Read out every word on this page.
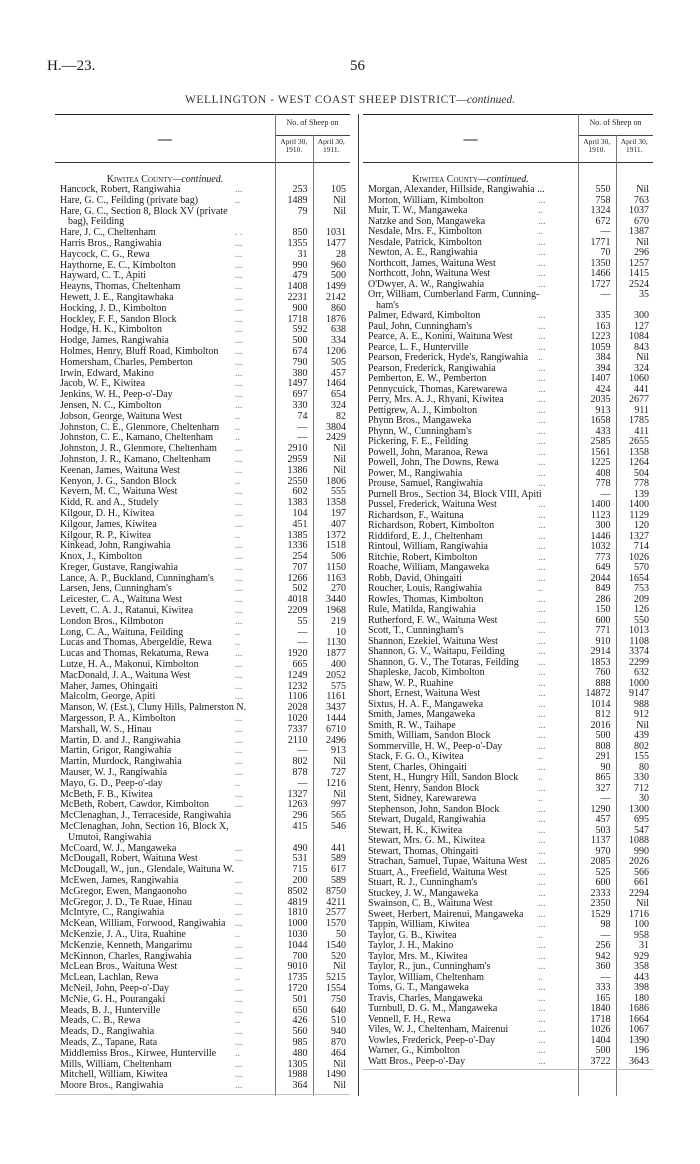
H.—23.	56
WELLINGTON - WEST COAST SHEEP DISTRICT—continued.
—
No. of Sheep on
April 30, 1910.
April 30, 1911.
Kiwitea County—continued.
Hancock, Robert, Rangiwahia	...	253	105
Hare, G. C., Feilding (private bag)	..	1489	Nil
Hare, G. C., Section 8, Block XV (private	79	Nil
bag), Feilding
Hare, J. C., Cheltenham	. .	850	1031
Harris Bros., Rangiwahia	...	1355	1477
Haycock, C. G., Rewa	...	31	28
Haythorne, E. C., Kimbolton	...	990	960
Hayward, C. T., Apiti	...	479	500
Heayns, Thomas, Cheltenham	...	1408	1499
Hewett, J. E., Rangitawhaka	...	2231	2142
Hocking, J. D., Kimbolton	...	900	860
Hockley, F. F., Sandon Block	...	1718	1876
Hodge, H. K., Kimbolton	...	592	638
Hodge, James, Rangiwahia	...	500	334
Holmes, Henry, Bluff Road, Kimbolton ...	674	1206
Homersham, Charles, Pemberton	...	790	505
Irwin, Edward, Makino	...	380	457
Jacob, W. F., Kiwitea	...	1497	1464
Jenkins, W. H., Peep-o'-Day	...	697	654
Jensen, N. C., Kimbolton	...	330	324
Jobson, George, Waituna West	..	74	82
Johnston, C. E., Glenmore, Cheltenham ..	—	3804
Johnston, C. E., Kamano, Cheltenham ..	—	2429
Johnston, J. R., Glenmore, Cheltenham ...	2910	Nil
Johnston, J. R., Kamano, Cheltenham ...	2959	Nil
Keenan, James, Waituna West	...	1386	Nil
Kenyon, J. G., Sandon Block	..	2550	1806
Kevern, M. C., Waituna West	...	602	555
Kidd, R. and A., Studely	...	1383	1358
Kilgour, D. H., Kiwitea	...	104	197
Kilgour, James, Kiwitea	...	451	407
Kilgour, R. P., Kiwitea	..	1385	1372
Kinkead, John, Rangiwahia	...	1336	1518
Knox, J., Kimbolton	...	254	506
Kreger, Gustave, Rangiwahia	...	707	1150
Lance, A. P., Buckland, Cunningham's ...	1266	1163
Larsen, Jens, Cunningham's	...	502	270
Leicester, C. A., Waituna West	...	4018	3440
Levett, C. A. J., Ratanui, Kiwitea	...	2209	1968
London Bros., Kilmboton	...	55	219
Long, C. A., Waituna, Feilding	..	—	10
Lucas and Thomas, Abergeldie, Rewa ..	—	1130
Lucas and Thomas, Rekatuma, Rewa	...	1920	1877
Lutze, H. A., Makonui, Kimbolton	...	665	400
MacDonald, J. A., Waituna West	...	1249	2052
Maher, James, Ohingaiti	...	1232	575
Malcolm, George, Apiti	...	1106	1161
Manson, W. (Est.), Cluny Hills, Palmerston N.	2028	3437
Margesson, P. A., Kimbolton	...	1020	1444
Marshall, W. S., Hinau	...	7337	6710
Martin, D. and J., Rangiwahia	...	2110	2496
Martin, Grigor, Rangiwahia	...	—	913
Martin, Murdock, Rangiwahia	...	802	Nil
Mauser, W. J., Rangiwahia	...	878	727
Mayo, G. D., Peep-o'-day	..	—	1216
McBeth, F. B., Kiwitea	...	1327	Nil
McBeth, Robert, Cawdor, Kimbolton	...	1263	997
McClenaghan, J., Terraceside, Rangiwahia	296	565
McClenaghan, John, Section 16, Block X,	415	546
Umutoi, Rangiwahia
McCoard, W. J., Mangaweka	...	490	441
McDougall, Robert, Waituna West	...	531	589
McDougall, W., jun., Glendale, Waituna W.	715	617
McEwen, James, Rangiwahia	...	200	589
McGregor, Ewen, Mangaonoho	...	8502	8750
McGregor, J. D., Te Ruae, Hinau	...	4819	4211
McIntyre, C., Rangiwahia	...	1810	2577
McKean, William, Forwood, Rangiwahia ...	1000	1570
McKenzie, J. A., Uira, Ruahine	..	1030	50
McKenzie, Kenneth, Mangarimu	...	1044	1540
McKinnon, Charles, Rangiwahia	...	700	520
McLean Bros., Waituna West	...	9010	Nil
McLean, Lachlan, Rewa	..	1735	5215
McNeil, John, Peep-o'-Day	...	1720	1554
McNie, G. H., Pourangaki	...	501	750
Meads, B. J., Hunterville	...	650	640
Meads, C. B., Rewa	..	426	510
Meads, D., Rangiwahia	...	560	940
Meads, Z., Tapane, Rata	...	985	870
Middlemiss Bros., Kirwee, Hunterville ..	480	464
Mills, William, Cheltenham	...	1305	Nil
Mitchell, William, Kiwitea	...	1988	1490
Moore Bros., Rangiwahia	...	364	Nil
—
No. of Sheep on
April 30, 1910.
April 30, 1911.
Kiwitea County—continued.
Morgan, Alexander, Hillside, Rangiwahia ...	550	Nil
Morton, William, Kimbolton	...	758	763
Muir, T. W., Mangaweka	..	1324	1037
Natzke and Son, Mangaweka	...	672	670
Nesdale, Mrs. F., Kimbolton	..	—	1387
Nesdale, Patrick, Kimbolton	...	1771	Nil
Newton, A. E., Rangiwahia	...	70	296
Northcott, James, Waituna West	...	1350	1257
Northcott, John, Waituna West	...	1466	1415
O'Dwyer, A. W., Rangiwahia	...	1727	2524
Orr, William, Cumberland Farm, Cunning-	—	35
ham's
Palmer, Edward, Kimbolton	...	335	300
Paul, John, Cunningham's	...	163	127
Pearce, A. E., Konini, Waituna West	...	1223	1084
Pearce, L. F., Hunterville	...	1059	843
Pearson, Frederick, Hyde's, Rangiwahia ..	384	Nil
Pearson, Frederick, Rangiwahia	...	394	324
Pemberton, E. W., Pemberton	...	1407	1060
Pennycuick, Thomas, Karewarewa	...	424	441
Perry, Mrs. A. J., Rhyani, Kiwitea	...	2035	2677
Pettigrew, A. J., Kimbolton	...	913	911
Phynn Bros., Mangaweka	...	1658	1785
Phynn, W., Cunningham's	...	433	411
Pickering, F. E., Feilding	...	2585	2655
Powell, John, Maranoa, Rewa	...	1561	1358
Powell, John, The Downs, Rewa	...	1225	1264
Power, M., Rangiwahia	...	408	504
Prouse, Samuel, Rangiwahia	...	778	778
Purnell Bros., Section 34, Block VIII, Apiti	—	139
Pussel, Frederick, Waituna West	...	1400	1400
Richardson, F., Waituna	...	1123	1129
Richardson, Robert, Kimbolton	...	300	120
Riddiford, E. J., Cheltenham	...	1446	1327
Rintoul, William, Rangiwahia	...	1032	714
Ritchie, Robert, Kimbolton	...	773	1026
Roache, William, Mangaweka	...	649	570
Robb, David, Ohingaiti	...	2044	1654
Roucher, Louis, Rangiwahia	..	849	753
Rowles, Thomas, Kimbolton	...	286	209
Rule, Matilda, Rangiwahia	...	150	126
Rutherford, F. W., Waituna West	...	600	550
Scott, T., Cunningham's	...	771	1013
Shannon, Ezekiel, Waituna West	...	910	1108
Shannon, G. V., Waitapu, Feilding	...	2914	3374
Shannon, G. V., The Totaras, Feilding ...	1853	2299
Shapleske, Jacob, Kimbolton	...	760	632
Shaw, W. P., Ruahine	...	888	1000
Short, Ernest, Waituna West	...	14872	9147
Sixtus, H. A. F., Mangaweka	...	1014	988
Smith, James, Mangaweka	...	812	912
Smith, R. W., Taihape	...	2016	Nil
Smith, William, Sandon Block	...	500	439
Sommerville, H. W., Peep-o'-Day	...	808	802
Stack, F. G. O., Kiwitea	..	291	155
Stent, Charles, Ohingaiti	...	90	80
Stent, H., Hungry Hill, Sandon Block ..	865	330
Stent, Henry, Sandon Block	...	327	712
Stent, Sidney, Karewarewa	..	—	30
Stephenson, John, Sandon Block	...	1290	1300
Stewart, Dugald, Rangiwahia	...	457	695
Stewart, H. K., Kiwitea	...	503	547
Stewart, Mrs. G. M., Kiwitea	...	1137	1088
Stewart, Thomas, Ohingaiti	...	970	990
Strachan, Samuel, Tupae, Waituna West ...	2085	2026
Stuart, A., Freefield, Waituna West	...	525	566
Stuart, R. J., Cunningham's	...	600	661
Stuckey, J. W., Mangaweka	...	2333	2294
Swainson, C. B., Waituna West	...	2350	Nil
Sweet, Herbert, Mairenui, Mangaweka ...	1529	1716
Tappin, William, Kiwitea	...	98	100
Taylor, G. B., Kiwitea	..	—	958
Taylor, J. H., Makino	...	256	31
Taylor, Mrs. M., Kiwitea	...	942	929
Taylor, R., jun., Cunningham's	...	360	358
Taylor, William, Cheltenham	..	—	443
Toms, G. T., Mangaweka	...	333	398
Travis, Charles, Mangaweka	...	165	180
Turnbull, D. G. M., Mangaweka	...	1840	1686
Vennell, F. H., Rewa	...	1718	1664
Viles, W. J., Cheltenham, Mairenui	...	1026	1067
Vowles, Frederick, Peep-o'-Day	...	1404	1390
Warner, G., Kimbolton	...	500	196
Watt Bros., Peep-o'-Day	...	3722	3643
